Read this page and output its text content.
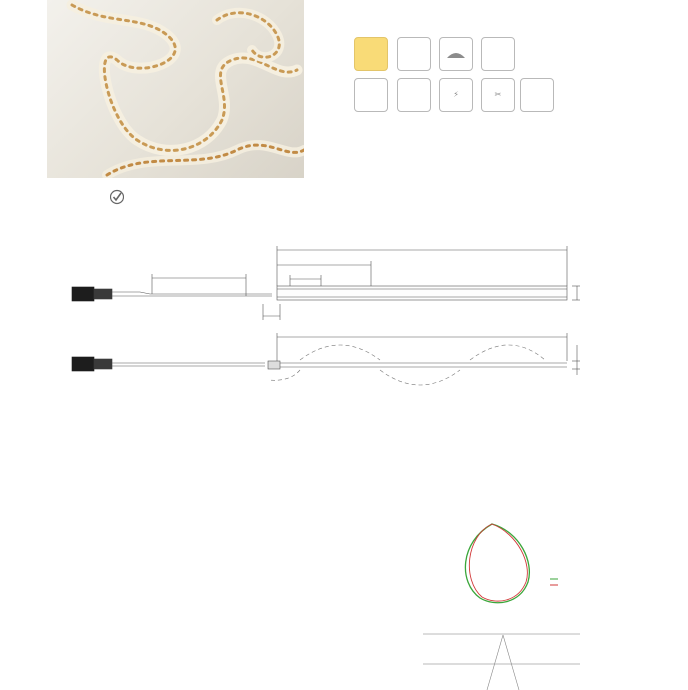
⚡	✂
